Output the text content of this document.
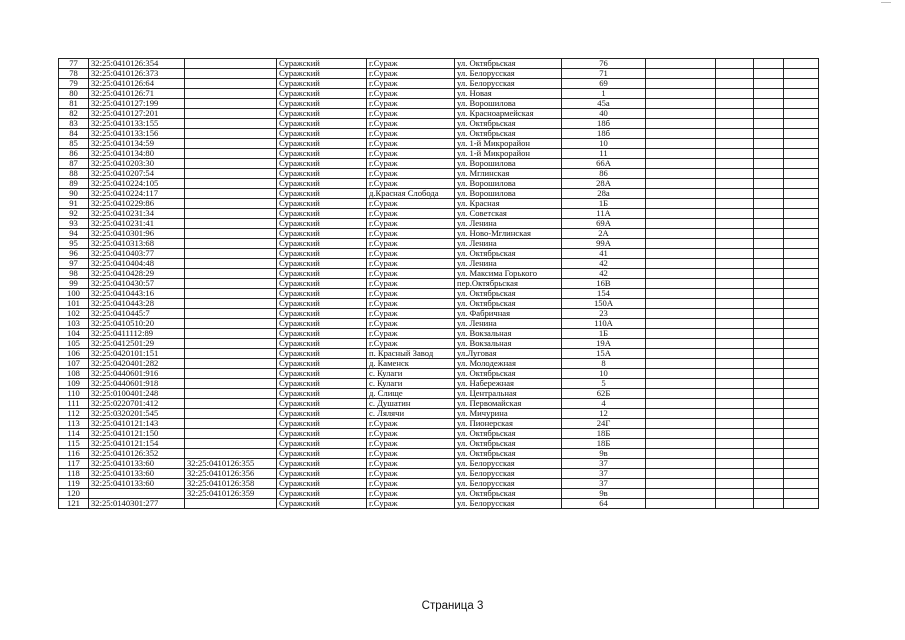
77	32:25:0410126:354		Суражский	г.Сураж	ул. Октябрьская	76				
78	32:25:0410126:373		Суражский	г.Сураж	ул. Белорусская	71				
79	32:25:0410126:64		Суражский	г.Сураж	ул. Белорусская	69				
80	32:25:0410126:71		Суражский	г.Сураж	ул. Новая	1				
81	32:25:0410127:199		Суражский	г.Сураж	ул. Ворошилова	45а				
82	32:25:0410127:201		Суражский	г.Сураж	ул. Красноармейская	40				
83	32:25:0410133:155		Суражский	г.Сураж	ул. Октябрьская	18б				
84	32:25:0410133:156		Суражский	г.Сураж	ул. Октябрьская	18б				
85	32:25:0410134:59		Суражский	г.Сураж	ул. 1-й Микрорайон	10				
86	32:25:0410134:80		Суражский	г.Сураж	ул. 1-й Микрорайон	11				
87	32:25:0410203:30		Суражский	г.Сураж	ул. Ворошилова	66А				
88	32:25:0410207:54		Суражский	г.Сураж	ул. Мглинская	86				
89	32:25:0410224:105		Суражский	г.Сураж	ул. Ворошилова	28А				
90	32:25:0410224:117		Суражский	д.Красная Слобода	ул. Ворошилова	28а				
91	32:25:0410229:86		Суражский	г.Сураж	ул. Красная	1Б				
92	32:25:0410231:34		Суражский	г.Сураж	ул. Советская	11А				
93	32:25:0410231:41		Суражский	г.Сураж	ул. Ленина	69А				
94	32:25:0410301:96		Суражский	г.Сураж	ул. Ново-Мглинская	2А				
95	32:25:0410313:68		Суражский	г.Сураж	ул. Ленина	99А				
96	32:25:0410403:77		Суражский	г.Сураж	ул. Октябрьская	41				
97	32:25:0410404:48		Суражский	г.Сураж	ул. Ленина	42				
98	32:25:0410428:29		Суражский	г.Сураж	ул. Максима Горького	42				
99	32:25:0410430:57		Суражский	г.Сураж	пер.Октябрьская	16В				
100	32:25:0410443:16		Суражский	г.Сураж	ул. Октябрьская	154				
101	32:25:0410443:28		Суражский	г.Сураж	ул. Октябрьская	150А				
102	32:25:0410445:7		Суражский	г.Сураж	ул. Фабричная	23				
103	32:25:0410510:20		Суражский	г.Сураж	ул. Ленина	110А				
104	32:25:0411112:89		Суражский	г.Сураж	ул. Вокзальная	1Б				
105	32:25:0412501:29		Суражский	г.Сураж	ул. Вокзальная	19А				
106	32:25:0420101:151		Суражский	п. Красный Завод	ул.Луговая	15А				
107	32:25:0420401:282		Суражский	д. Каменск	ул. Молодежная	8				
108	32:25:0440601:916		Суражский	с. Кулаги	ул. Октябрьская	10				
109	32:25:0440601:918		Суражский	с. Кулаги	ул. Набережная	5				
110	32:25:0100401:248		Суражский	д. Слище	ул. Центральная	62Б				
111	32:25:0220701:412		Суражский	с. Душатин	ул. Первомайская	4				
112	32:25:0320201:545		Суражский	с. Лялячи	ул. Мичурина	12				
113	32:25:0410121:143		Суражский	г.Сураж	ул. Пионерская	24Г				
114	32:25:0410121:150		Суражский	г.Сураж	ул. Октябрьская	18Б				
115	32:25:0410121:154		Суражский	г.Сураж	ул. Октябрьская	18Б				
116	32:25:0410126:352		Суражский	г.Сураж	ул. Октябрьская	9в				
117	32:25:0410133:60	32:25:0410126:355	Суражский	г.Сураж	ул. Белорусская	37				
118	32:25:0410133:60	32:25:0410126:356	Суражский	г.Сураж	ул. Белорусская	37				
119	32:25:0410133:60	32:25:0410126:358	Суражский	г.Сураж	ул. Белорусская	37				
120		32:25:0410126:359	Суражский	г.Сураж	ул. Октябрьская	9в				
121	32:25:0140301:277		Суражский	г.Сураж	ул. Белорусская	64				
Страница 3
